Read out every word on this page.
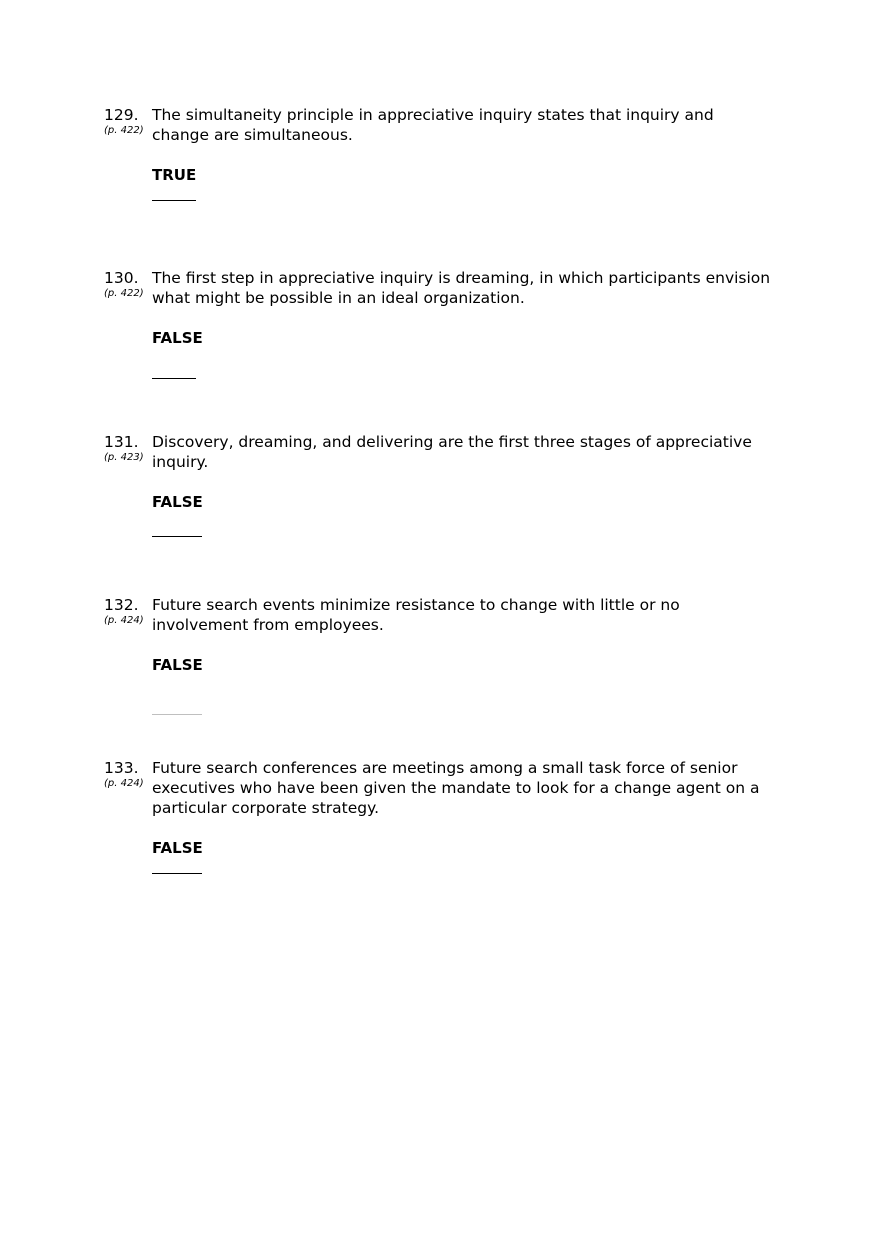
129.
(p. 422)
The simultaneity principle in appreciative inquiry states that inquiry and change are simultaneous.
TRUE
130.
(p. 422)
The first step in appreciative inquiry is dreaming, in which participants envision what might be possible in an ideal organization.
FALSE
131.
(p. 423)
Discovery, dreaming, and delivering are the first three stages of appreciative inquiry.
FALSE
132.
(p. 424)
Future search events minimize resistance to change with little or no involvement from employees.
FALSE
133.
(p. 424)
Future search conferences are meetings among a small task force of senior executives who have been given the mandate to look for a change agent on a particular corporate strategy.
FALSE
